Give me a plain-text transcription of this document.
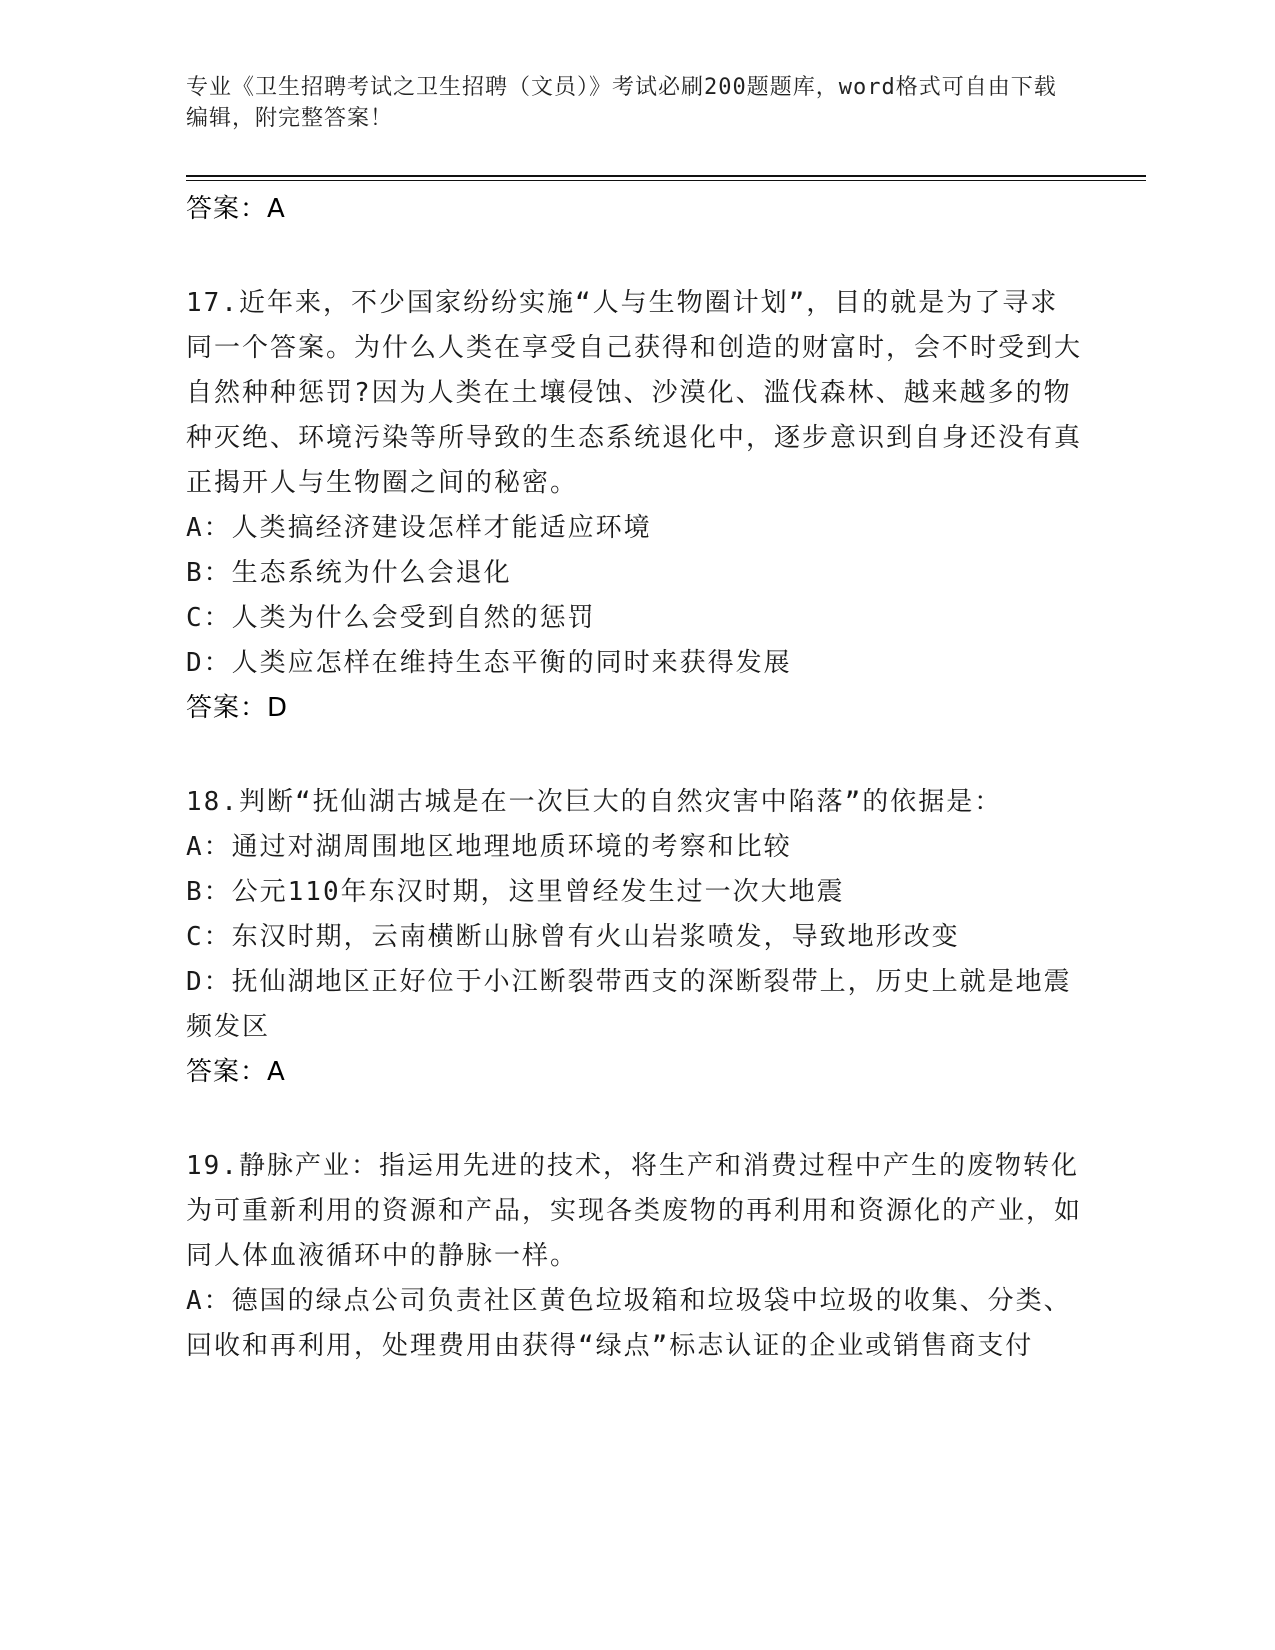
专业《卫生招聘考试之卫生招聘（文员）》考试必刷200题题库，word格式可自由下载编辑，附完整答案！
答案：A

17.近年来，不少国家纷纷实施“人与生物圈计划”，目的就是为了寻求同一个答案。为什么人类在享受自己获得和创造的财富时，会不时受到大自然种种惩罚?因为人类在土壤侵蚀、沙漠化、滥伐森林、越来越多的物种灭绝、环境污染等所导致的生态系统退化中，逐步意识到自身还没有真正揭开人与生物圈之间的秘密。

A：人类搞经济建设怎样才能适应环境

B：生态系统为什么会退化

C：人类为什么会受到自然的惩罚

D：人类应怎样在维持生态平衡的同时来获得发展

答案：D

18.判断“抚仙湖古城是在一次巨大的自然灾害中陷落”的依据是：

A：通过对湖周围地区地理地质环境的考察和比较

B：公元110年东汉时期，这里曾经发生过一次大地震

C：东汉时期，云南横断山脉曾有火山岩浆喷发，导致地形改变

D：抚仙湖地区正好位于小江断裂带西支的深断裂带上，历史上就是地震频发区

答案：A

19.静脉产业：指运用先进的技术，将生产和消费过程中产生的废物转化为可重新利用的资源和产品，实现各类废物的再利用和资源化的产业，如同人体血液循环中的静脉一样。

A：德国的绿点公司负责社区黄色垃圾箱和垃圾袋中垃圾的收集、分类、回收和再利用，处理费用由获得“绿点”标志认证的企业或销售商支付
